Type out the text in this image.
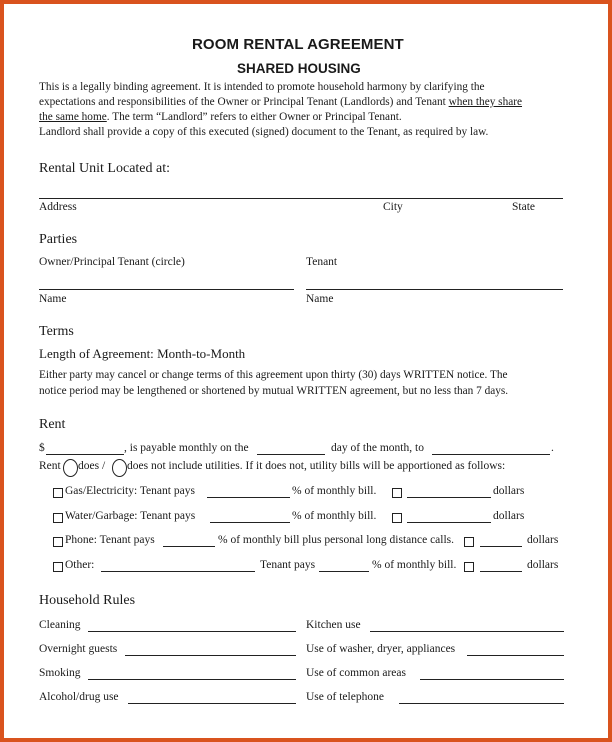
ROOM RENTAL AGREEMENT
SHARED HOUSING
This is a legally binding agreement. It is intended to promote household harmony by clarifying the
expectations and responsibilities of the Owner or Principal Tenant (Landlords) and Tenant when they share
the same home. The term “Landlord” refers to either Owner or Principal Tenant.
Landlord shall provide a copy of this executed (signed) document to the Tenant, as required by law.
Rental Unit Located at:
Address	City	State
Parties
Owner/Principal Tenant (circle)	Tenant
Name	Name
Terms
Length of Agreement: Month-to-Month
Either party may cancel or change terms of this agreement upon thirty (30) days WRITTEN notice. The
notice period may be lengthened or shortened by mutual WRITTEN agreement, but no less than 7 days.
Rent
$	, is payable monthly on the	day of the month, to	.
Rent does / does not include utilities. If it does not, utility bills will be apportioned as follows:
Gas/Electricity: Tenant pays	% of monthly bill.	dollars
Water/Garbage: Tenant pays	% of monthly bill.	dollars
Phone: Tenant pays	% of monthly bill plus personal long distance calls.	dollars
Other:	Tenant pays	% of monthly bill.	dollars
Household Rules
Cleaning	Kitchen use
Overnight guests	Use of washer, dryer, appliances
Smoking	Use of common areas
Alcohol/drug use	Use of telephone
